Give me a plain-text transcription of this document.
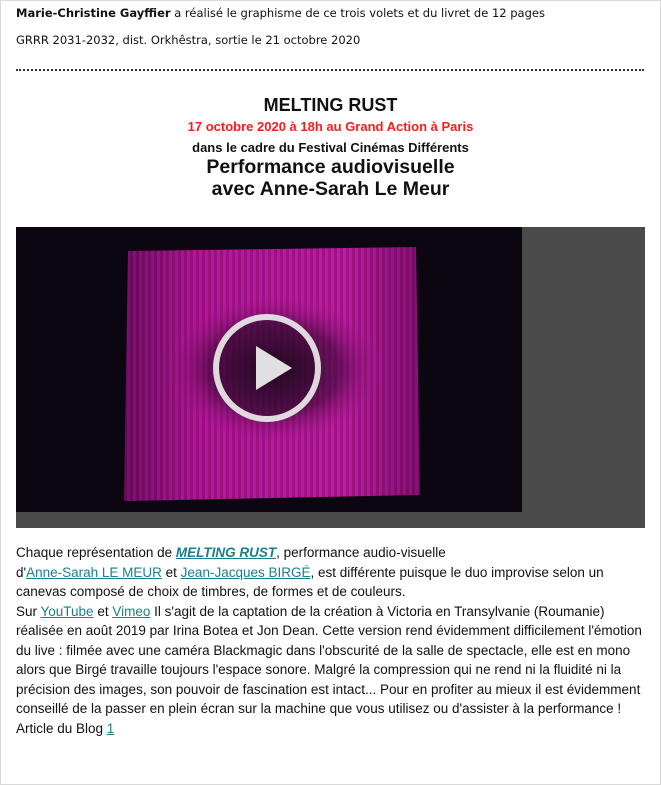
Marie-Christine Gayffier a réalisé le graphisme de ce trois volets et du livret de 12 pages

GRRR 2031-2032, dist. Orkhêstra, sortie le 21 octobre 2020

MELTING RUST

17 octobre 2020 à 18h au Grand Action à Paris

dans le cadre du Festival Cinémas Différents

Performance audiovisuelle

avec Anne-Sarah Le Meur

Chaque représentation de MELTING RUST, performance audio-visuelle
d'Anne-Sarah LE MEUR et Jean-Jacques BIRGÉ, est différente puisque le duo improvise selon un canevas composé de choix de timbres, de formes et de couleurs.

Sur YouTube et Vimeo Il s'agit de la captation de la création à Victoria en Transylvanie (Roumanie) réalisée en août 2019 par Irina Botea et Jon Dean. Cette version rend évidemment difficilement l'émotion du live : filmée avec une caméra Blackmagic dans l'obscurité de la salle de spectacle, elle est en mono alors que Birgé travaille toujours l'espace sonore. Malgré la compression qui ne rend ni la fluidité ni la précision des images, son pouvoir de fascination est intact... Pour en profiter au mieux il est évidemment conseillé de la passer en plein écran sur la machine que vous utilisez ou d'assister à la performance !

Article du Blog 1
